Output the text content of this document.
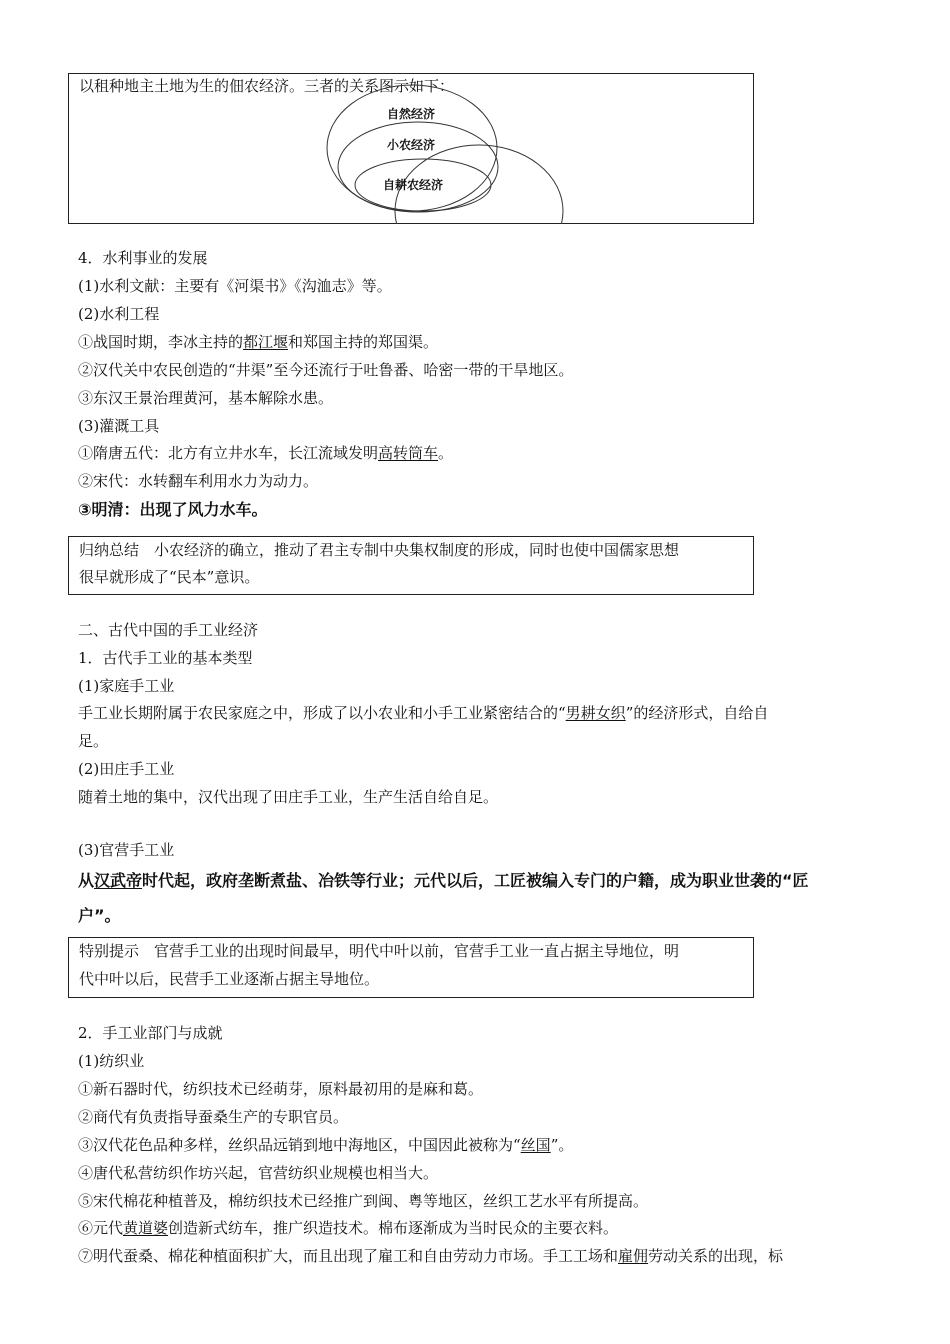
以租种地主土地为生的佃农经济。三者的关系图示如下：
自然经济
小农经济
自耕农经济
4．水利事业的发展
(1)水利文献：主要有《河渠书》《沟洫志》等。
(2)水利工程
①战国时期，李冰主持的都江堰和郑国主持的郑国渠。
②汉代关中农民创造的“井渠”至今还流行于吐鲁番、哈密一带的干旱地区。
③东汉王景治理黄河，基本解除水患。
(3)灌溉工具
①隋唐五代：北方有立井水车，长江流域发明高转筒车。
②宋代：水转翻车利用水力为动力。
③明清：出现了风力水车。
归纳总结　小农经济的确立，推动了君主专制中央集权制度的形成，同时也使中国儒家思想
很早就形成了“民本”意识。
二、古代中国的手工业经济
1．古代手工业的基本类型
(1)家庭手工业
手工业长期附属于农民家庭之中，形成了以小农业和小手工业紧密结合的“男耕女织”的经济形式，自给自
足。
(2)田庄手工业
随着土地的集中，汉代出现了田庄手工业，生产生活自给自足。
(3)官营手工业
从汉武帝时代起，政府垄断煮盐、冶铁等行业；元代以后，工匠被编入专门的户籍，成为职业世袭的“匠
户”。
特别提示　官营手工业的出现时间最早，明代中叶以前，官营手工业一直占据主导地位，明
代中叶以后，民营手工业逐渐占据主导地位。
2．手工业部门与成就
(1)纺织业
①新石器时代，纺织技术已经萌芽，原料最初用的是麻和葛。
②商代有负责指导蚕桑生产的专职官员。
③汉代花色品种多样，丝织品远销到地中海地区，中国因此被称为“丝国”。
④唐代私营纺织作坊兴起，官营纺织业规模也相当大。
⑤宋代棉花种植普及，棉纺织技术已经推广到闽、粤等地区，丝织工艺水平有所提高。
⑥元代黄道婆创造新式纺车，推广织造技术。棉布逐渐成为当时民众的主要衣料。
⑦明代蚕桑、棉花种植面积扩大，而且出现了雇工和自由劳动力市场。手工工场和雇佣劳动关系的出现，标
